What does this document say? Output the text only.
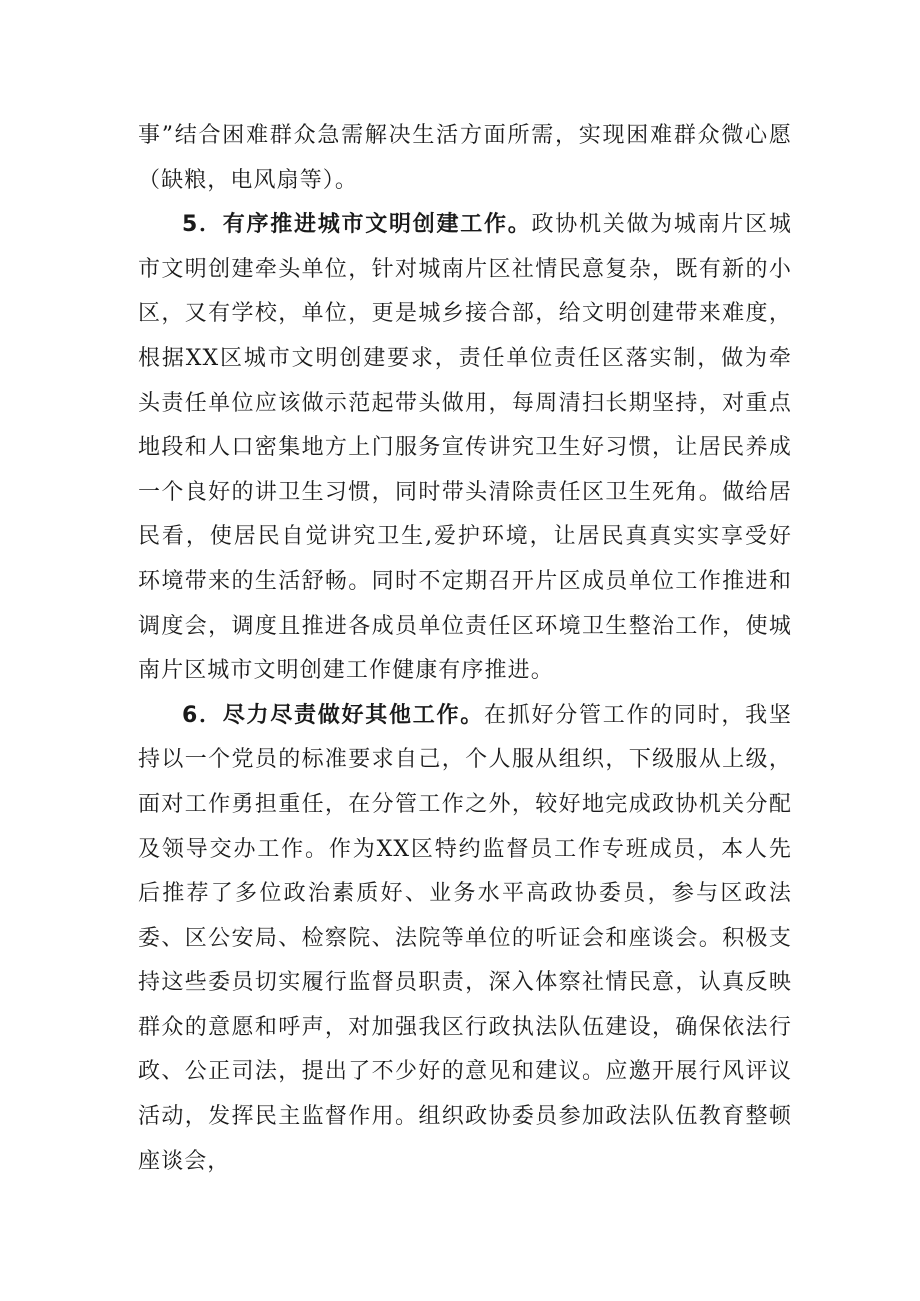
事”结合困难群众急需解决生活方面所需，实现困难群众微心愿（缺粮，电风扇等）。

5．有序推进城市文明创建工作。政协机关做为城南片区城市文明创建牵头单位，针对城南片区社情民意复杂，既有新的小区，又有学校，单位，更是城乡接合部，给文明创建带来难度，根据XX区城市文明创建要求，责任单位责任区落实制，做为牵头责任单位应该做示范起带头做用，每周清扫长期坚持，对重点地段和人口密集地方上门服务宣传讲究卫生好习惯，让居民养成一个良好的讲卫生习惯，同时带头清除责任区卫生死角。做给居民看，使居民自觉讲究卫生,爱护环境，让居民真真实实享受好环境带来的生活舒畅。同时不定期召开片区成员单位工作推进和调度会，调度且推进各成员单位责任区环境卫生整治工作，使城南片区城市文明创建工作健康有序推进。

6．尽力尽责做好其他工作。在抓好分管工作的同时，我坚持以一个党员的标准要求自己，个人服从组织，下级服从上级，面对工作勇担重任，在分管工作之外，较好地完成政协机关分配及领导交办工作。作为XX区特约监督员工作专班成员，本人先后推荐了多位政治素质好、业务水平高政协委员，参与区政法委、区公安局、检察院、法院等单位的听证会和座谈会。积极支持这些委员切实履行监督员职责，深入体察社情民意，认真反映群众的意愿和呼声，对加强我区行政执法队伍建设，确保依法行政、公正司法，提出了不少好的意见和建议。应邀开展行风评议活动，发挥民主监督作用。组织政协委员参加政法队伍教育整顿座谈会，
